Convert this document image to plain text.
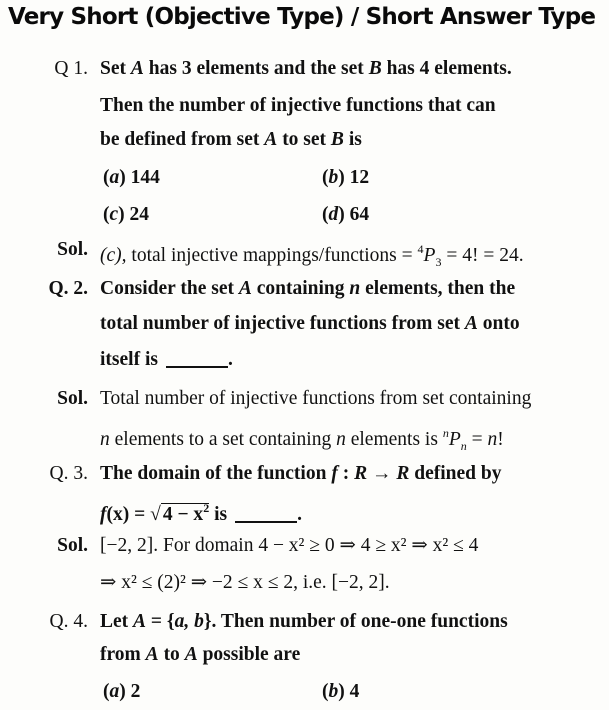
Very Short (Objective Type) / Short Answer Type
Q 1. Set A has 3 elements and the set B has 4 elements.
Then the number of injective functions that can
be defined from set A to set B is
(a) 144	(b) 12
(c) 24	(d) 64
Sol. (c), total injective mappings/functions = $^4P_3 = 4$! = 24.
Q. 2. Consider the set A containing n elements, then the
total number of injective functions from set A onto
itself is	.
Sol. Total number of injective functions from set containing
n elements to a set containing n elements is $^nP_n = n$!
Q. 3. The domain of the function f : R → R defined by
f(x) = √ $4 - x^2$ is	.
Sol. [−2, 2]. For domain 4 − x² ≥ 0 ⇒ 4 ≥ x² ⇒ x² ≤ 4
⇒ x² ≤ (2)² ⇒ −2 ≤ x ≤ 2, i.e. [−2, 2].
Q. 4. Let A = {a, b}. Then number of one-one functions
from A to A possible are
(a) 2	(b) 4
